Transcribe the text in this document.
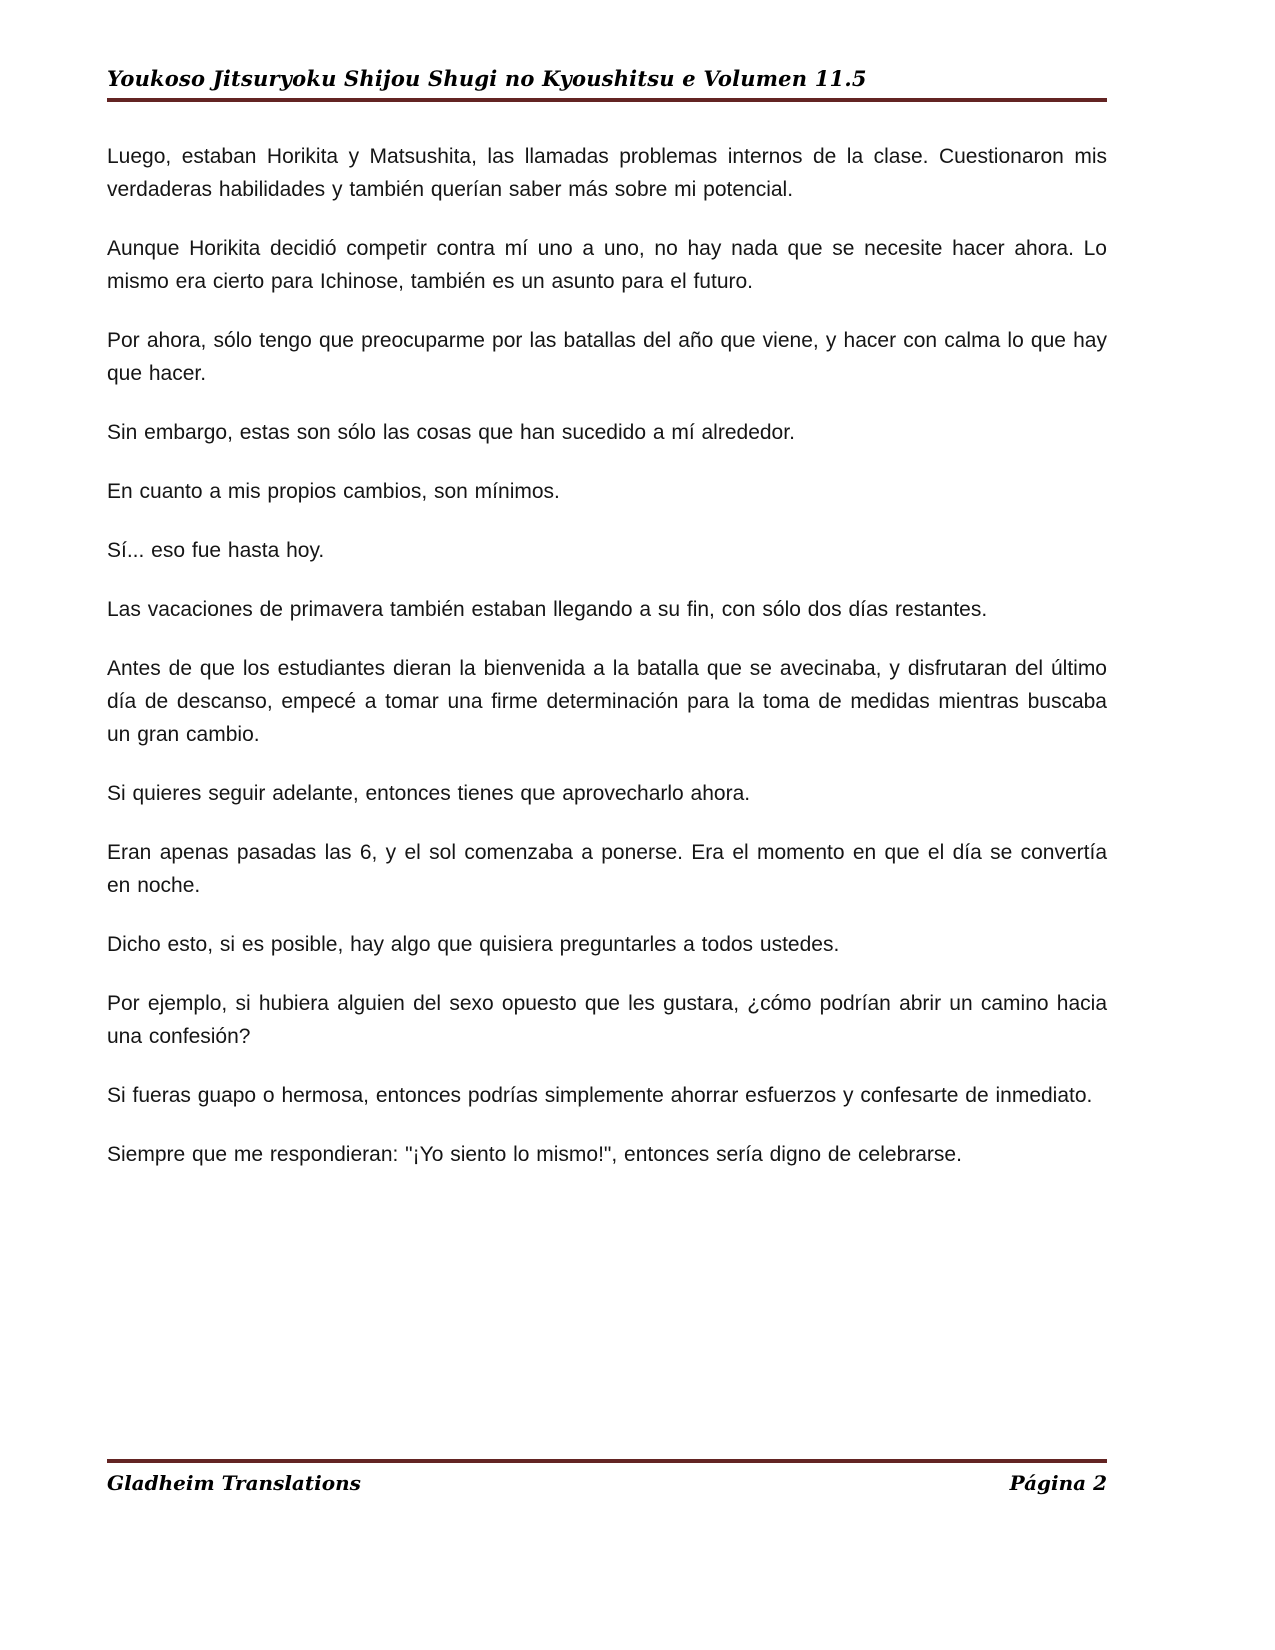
Youkoso Jitsuryoku Shijou Shugi no Kyoushitsu e Volumen 11.5

Luego, estaban Horikita y Matsushita, las llamadas problemas internos de la clase. Cuestionaron mis verdaderas habilidades y también querían saber más sobre mi potencial.

Aunque Horikita decidió competir contra mí uno a uno, no hay nada que se necesite hacer ahora. Lo mismo era cierto para Ichinose, también es un asunto para el futuro.

Por ahora, sólo tengo que preocuparme por las batallas del año que viene, y hacer con calma lo que hay que hacer.

Sin embargo, estas son sólo las cosas que han sucedido a mí alrededor.

En cuanto a mis propios cambios, son mínimos.

Sí... eso fue hasta hoy.

Las vacaciones de primavera también estaban llegando a su fin, con sólo dos días restantes.

Antes de que los estudiantes dieran la bienvenida a la batalla que se avecinaba, y disfrutaran del último día de descanso, empecé a tomar una firme determinación para la toma de medidas mientras buscaba un gran cambio.

Si quieres seguir adelante, entonces tienes que aprovecharlo ahora.

Eran apenas pasadas las 6, y el sol comenzaba a ponerse. Era el momento en que el día se convertía en noche.

Dicho esto, si es posible, hay algo que quisiera preguntarles a todos ustedes.

Por ejemplo, si hubiera alguien del sexo opuesto que les gustara, ¿cómo podrían abrir un camino hacia una confesión?

Si fueras guapo o hermosa, entonces podrías simplemente ahorrar esfuerzos y confesarte de inmediato.

Siempre que me respondieran: "¡Yo siento lo mismo!", entonces sería digno de celebrarse.

Gladheim Translations	Página 2
